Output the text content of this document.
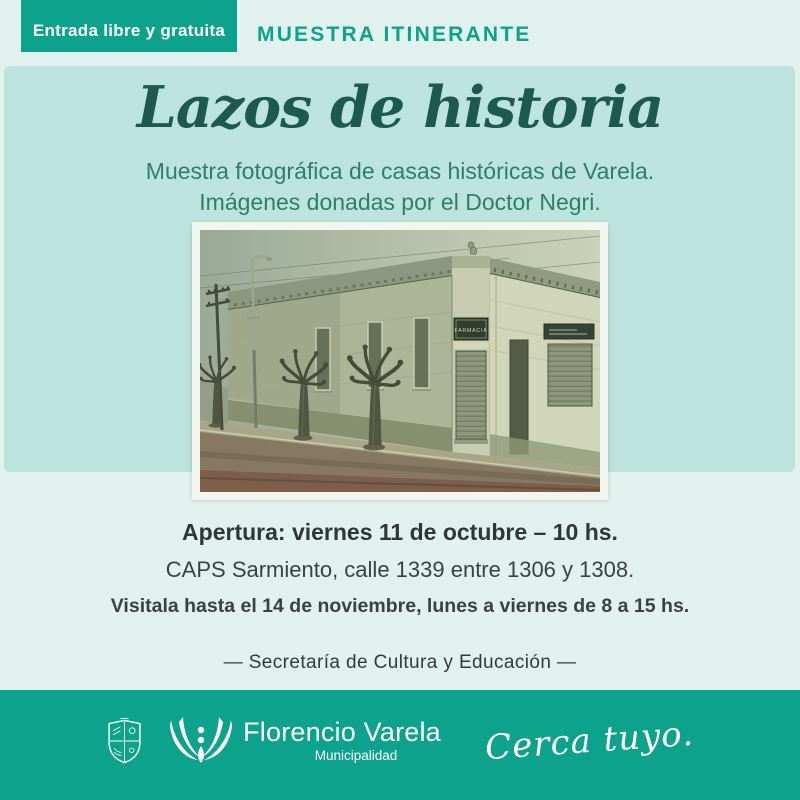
Entrada libre y gratuita MUESTRA ITINERANTE
Lazos de historia
Muestra fotográfica de casas históricas de Varela.
Imágenes donadas por el Doctor Negri.
FARMACIA
Apertura: viernes 11 de octubre – 10 hs.
CAPS Sarmiento, calle 1339 entre 1306 y 1308.
Visitala hasta el 14 de noviembre, lunes a viernes de 8 a 15 hs.
— Secretaría de Cultura y Educación —
Florencio Varela
Municipalidad	Cerca tuyo.
